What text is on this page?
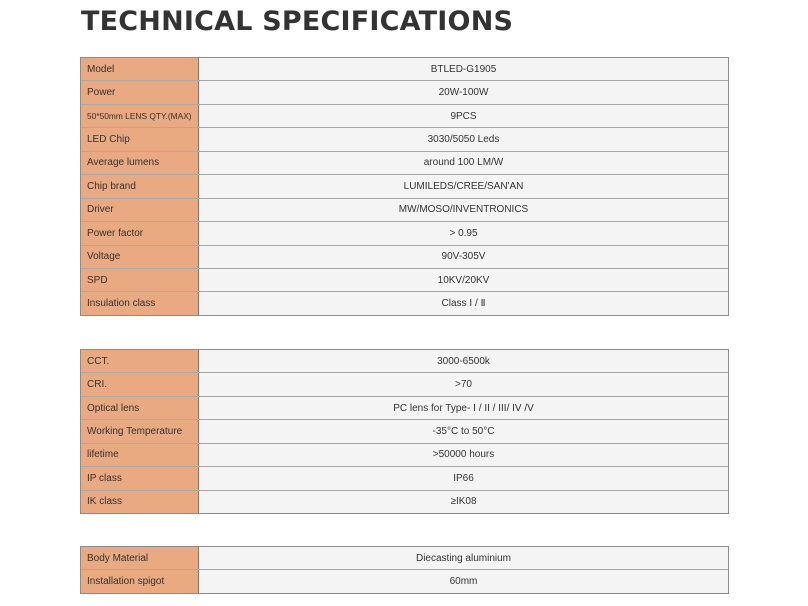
TECHNICAL SPECIFICATIONS
Model	BTLED-G1905
Power	20W-100W
50*50mm LENS QTY.(MAX)	9PCS
LED Chip	3030/5050 Leds
Average lumens	around 100 LM/W
Chip brand	LUMILEDS/CREE/SAN'AN
Driver	MW/MOSO/INVENTRONICS
Power factor	> 0.95
Voltage	90V-305V
SPD	10KV/20KV
Insulation class	Class Ⅰ / Ⅱ
CCT.	3000-6500k
CRI.	>70
Optical lens	PC lens for Type- Ⅰ / II / III/ IV /V
Working Temperature	-35°C to 50°C
lifetime	>50000 hours
IP class	IP66
IK class	≥IK08
Body Material	Diecasting aluminium
Installation spigot	60mm
